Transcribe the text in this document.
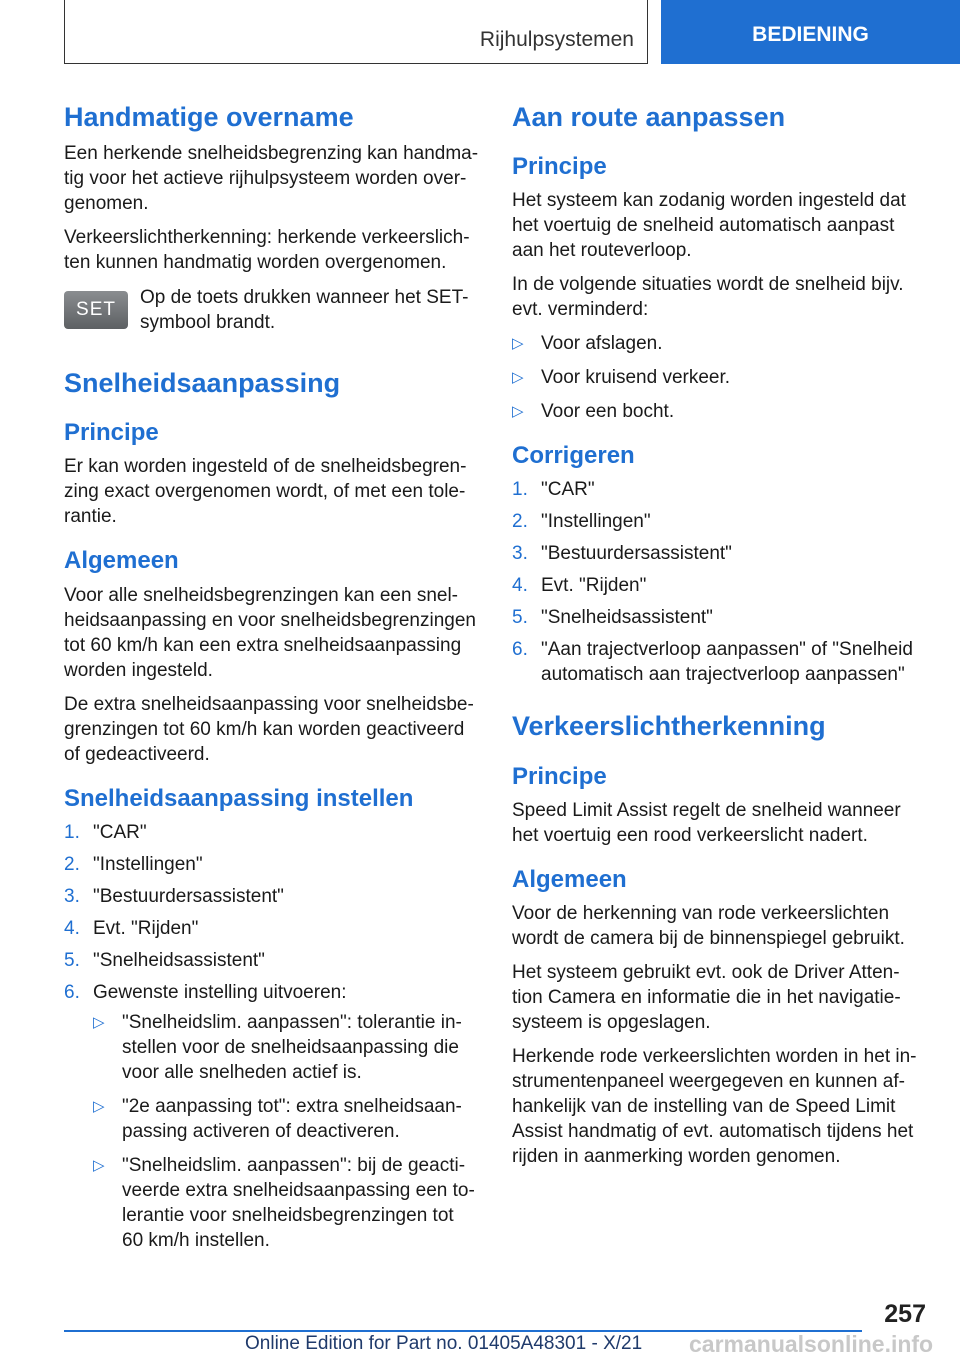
Rijhulpsystemen	BEDIENING
Handmatige overname

Een herkende snelheidsbegrenzing kan handma-tig voor het actieve rijhulpsysteem worden over-genomen.

Verkeerslichtherkenning: herkende verkeerslich-ten kunnen handmatig worden overgenomen.

SET
Op de toets drukken wanneer het SET-symbool brandt.
Snelheidsaanpassing
Principe

Er kan worden ingesteld of de snelheidsbegren-zing exact overgenomen wordt, of met een tole-rantie.

Algemeen

Voor alle snelheidsbegrenzingen kan een snel-heidsaanpassing en voor snelheidsbegrenzingen tot 60 km/h kan een extra snelheidsaanpassing worden ingesteld.

De extra snelheidsaanpassing voor snelheidsbe-grenzingen tot 60 km/h kan worden geactiveerd of gedeactiveerd.

Snelheidsaanpassing instellen
1. "CAR"
2. "Instellingen"
3. "Bestuurdersassistent"
4. Evt. "Rijden"
5. "Snelheidsassistent"
6. Gewenste instelling uitvoeren:
▷ "Snelheidslim. aanpassen": tolerantie in-stellen voor de snelheidsaanpassing die voor alle snelheden actief is.
▷ "2e aanpassing tot": extra snelheidsaan-passing activeren of deactiveren.
▷ "Snelheidslim. aanpassen": bij de geacti-veerde extra snelheidsaanpassing een to-lerantie voor snelheidsbegrenzingen tot 60 km/h instellen.
Aan route aanpassen
Principe

Het systeem kan zodanig worden ingesteld dat het voertuig de snelheid automatisch aanpast aan het routeverloop.

In de volgende situaties wordt de snelheid bijv. evt. verminderd:

▷ Voor afslagen.
▷ Voor kruisend verkeer.
▷ Voor een bocht.
Corrigeren
1. "CAR"
2. "Instellingen"
3. "Bestuurdersassistent"
4. Evt. "Rijden"
5. "Snelheidsassistent"
6. "Aan trajectverloop aanpassen" of "Snelheid automatisch aan trajectverloop aanpassen"
Verkeerslichtherkenning
Principe

Speed Limit Assist regelt de snelheid wanneer het voertuig een rood verkeerslicht nadert.

Algemeen

Voor de herkenning van rode verkeerslichten wordt de camera bij de binnenspiegel gebruikt.

Het systeem gebruikt evt. ook de Driver Atten-tion Camera en informatie die in het navigatie-systeem is opgeslagen.

Herkende rode verkeerslichten worden in het in-strumentenpaneel weergegeven en kunnen af-hankelijk van de instelling van de Speed Limit Assist handmatig of evt. automatisch tijdens het rijden in aanmerking worden genomen.

257
Online Edition for Part no. 01405A48301 - X/21 carmanualsonline.info
